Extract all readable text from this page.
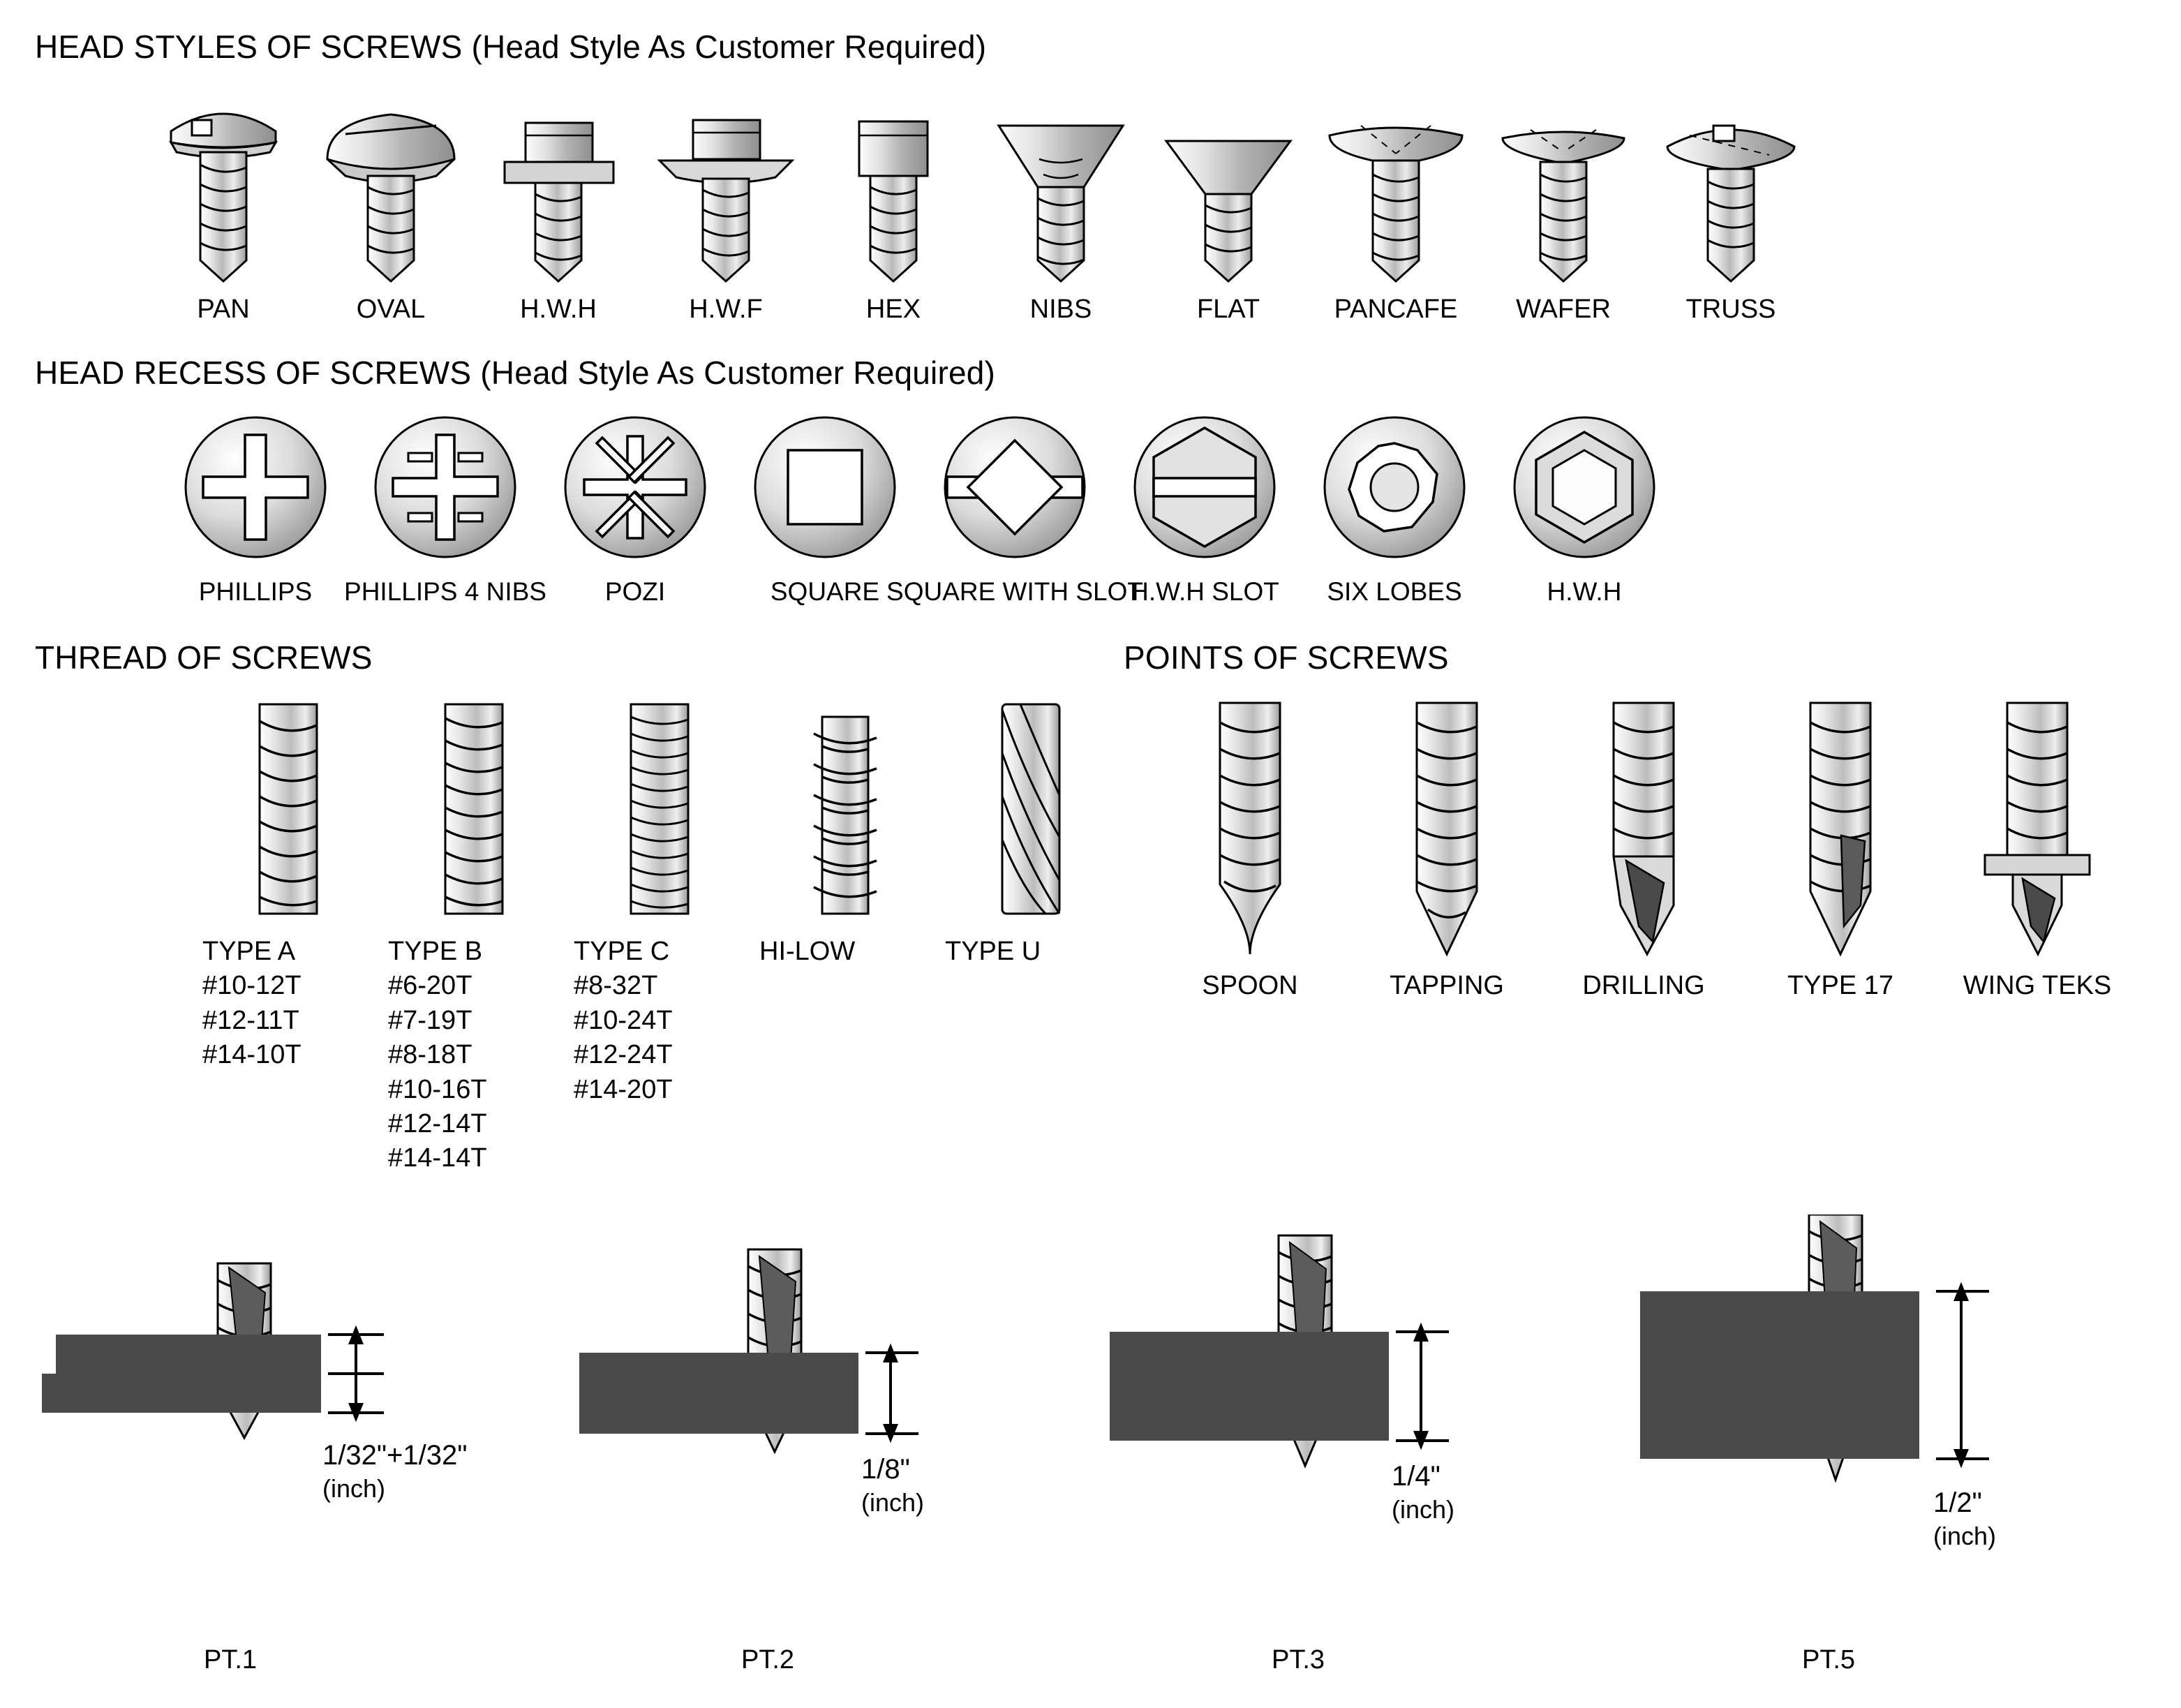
HEAD STYLES OF SCREWS (Head Style As Customer Required)
PAN	OVAL	H.W.H	H.W.F	HEX	NIBS	FLAT	PANCAFE WAFER	TRUSS
HEAD RECESS OF SCREWS (Head Style As Customer Required)
PHILLIPS PHILLIPS 4 NIBS POZI	SQUARE SQUARE WITH SLOT
H.W.H SLOT SIX LOBES	H.W.H
THREAD OF SCREWS
TYPE A
#10-12T
#12-11T
#14-10T
TYPE B
#6-20T
#7-19T
#8-18T
#10-16T
#12-14T
#14-14T
TYPE C
#8-32T
#10-24T
#12-24T
#14-20T
HI-LOW	TYPE U
POINTS OF SCREWS
SPOON	TAPPING	DRILLING	TYPE 17	WING TEKS
1/32"+1/32"
(inch)
PT.1
1/8"
(inch)
PT.2
1/4"
(inch)
PT.3
1/2"
(inch)
PT.5
